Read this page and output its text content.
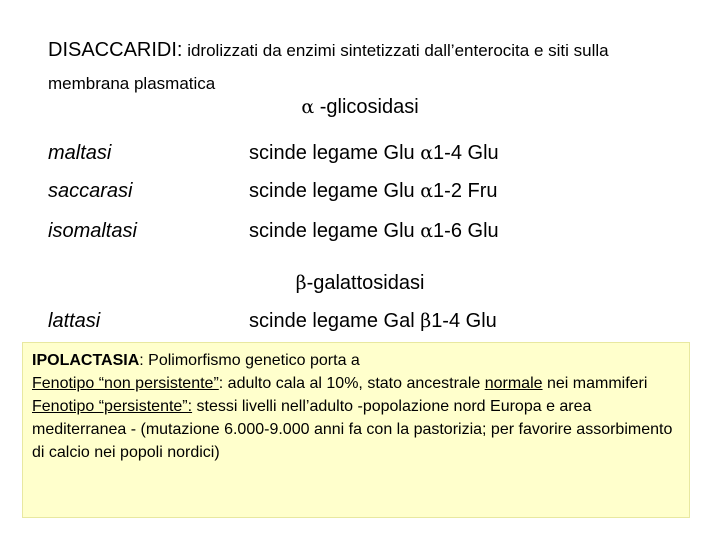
DISACCARIDI: idrolizzati da enzimi sintetizzati dall’enterocita e siti sulla membrana plasmatica
α -glicosidasi
maltasi	scinde legame Glu α1-4 Glu
saccarasi	scinde legame Glu α1-2 Fru
isomaltasi	scinde legame Glu α1-6 Glu
β-galattosidasi
lattasi	scinde legame Gal β1-4 Glu

IPOLACTASIA: Polimorfismo genetico porta a

Fenotipo “non persistente”: adulto cala al 10%, stato ancestrale normale nei mammiferi

Fenotipo “persistente”: stessi livelli nell’adulto -popolazione nord Europa e area mediterranea - (mutazione 6.000-9.000 anni fa con la pastorizia; per favorire assorbimento di calcio nei popoli nordici)
